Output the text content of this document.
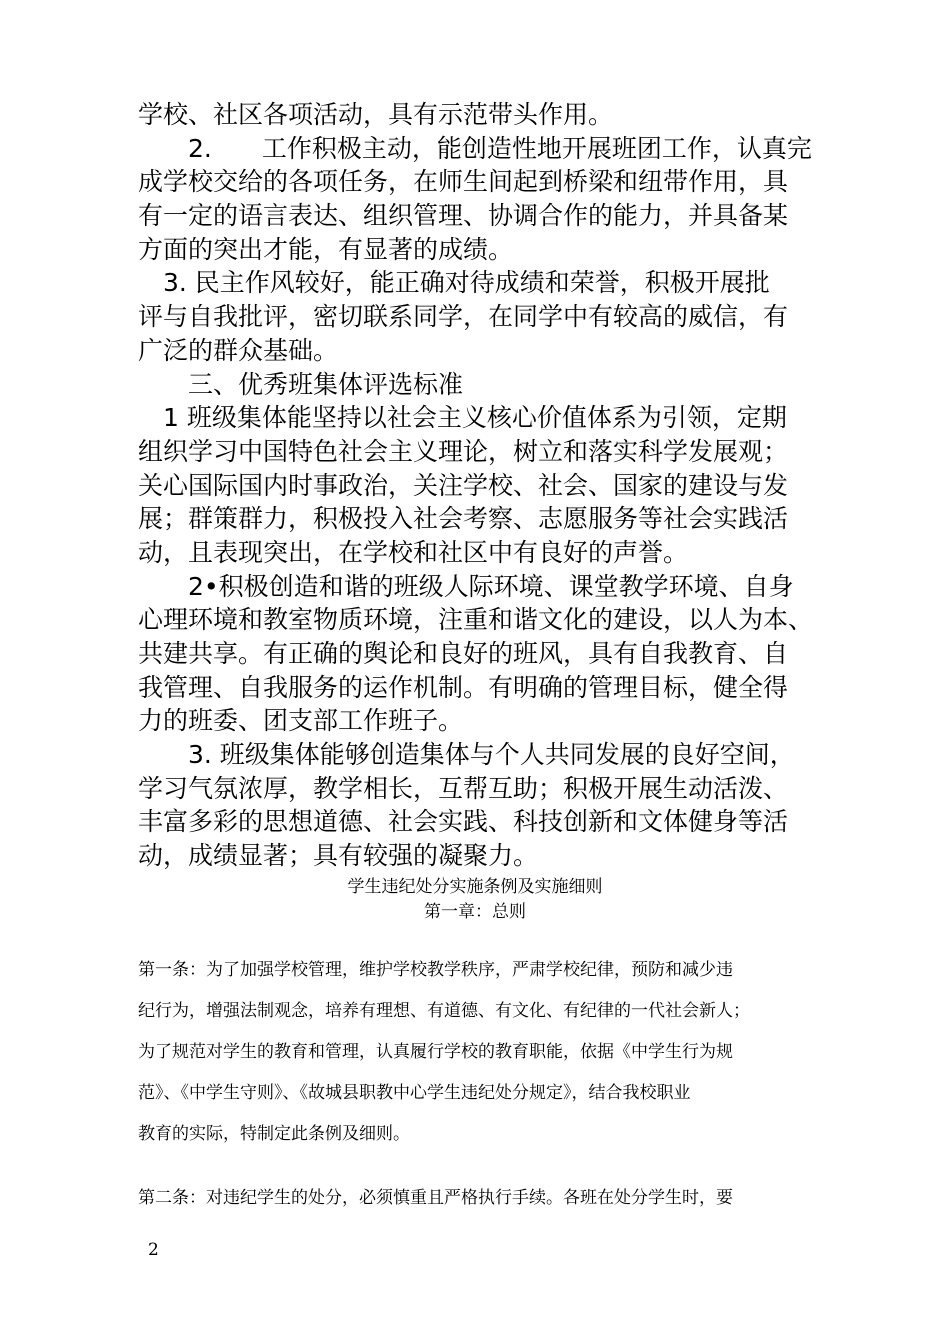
学校、社区各项活动，具有示范带头作用。
　　2.　　工作积极主动，能创造性地开展班团工作，认真完
成学校交给的各项任务，在师生间起到桥梁和纽带作用，具
有一定的语言表达、组织管理、协调合作的能力，并具备某
方面的突出才能，有显著的成绩。
　3. 民主作风较好，能正确对待成绩和荣誉，积极开展批
评与自我批评，密切联系同学，在同学中有较高的威信，有
广泛的群众基础。
　　三、优秀班集体评选标准
　1 班级集体能坚持以社会主义核心价值体系为引领，定期
组织学习中国特色社会主义理论，树立和落实科学发展观；
关心国际国内时事政治，关注学校、社会、国家的建设与发
展；群策群力，积极投入社会考察、志愿服务等社会实践活
动，且表现突出，在学校和社区中有良好的声誉。
　　2•积极创造和谐的班级人际环境、课堂教学环境、自身
心理环境和教室物质环境，注重和谐文化的建设，以人为本、
共建共享。有正确的舆论和良好的班风，具有自我教育、自
我管理、自我服务的运作机制。有明确的管理目标，健全得
力的班委、团支部工作班子。
　　3. 班级集体能够创造集体与个人共同发展的良好空间，
学习气氛浓厚，教学相长，互帮互助；积极开展生动活泼、
丰富多彩的思想道德、社会实践、科技创新和文体健身等活
动，成绩显著；具有较强的凝聚力。
学生违纪处分实施条例及实施细则
第一章：总则
第一条：为了加强学校管理，维护学校教学秩序，严肃学校纪律，预防和减少违
纪行为，增强法制观念，培养有理想、有道德、有文化、有纪律的一代社会新人；
为了规范对学生的教育和管理，认真履行学校的教育职能，依据《中学生行为规
范》、《中学生守则》、《故城县职教中心学生违纪处分规定》，结合我校职业
教育的实际，特制定此条例及细则。
第二条：对违纪学生的处分，必须慎重且严格执行手续。各班在处分学生时，要
2
